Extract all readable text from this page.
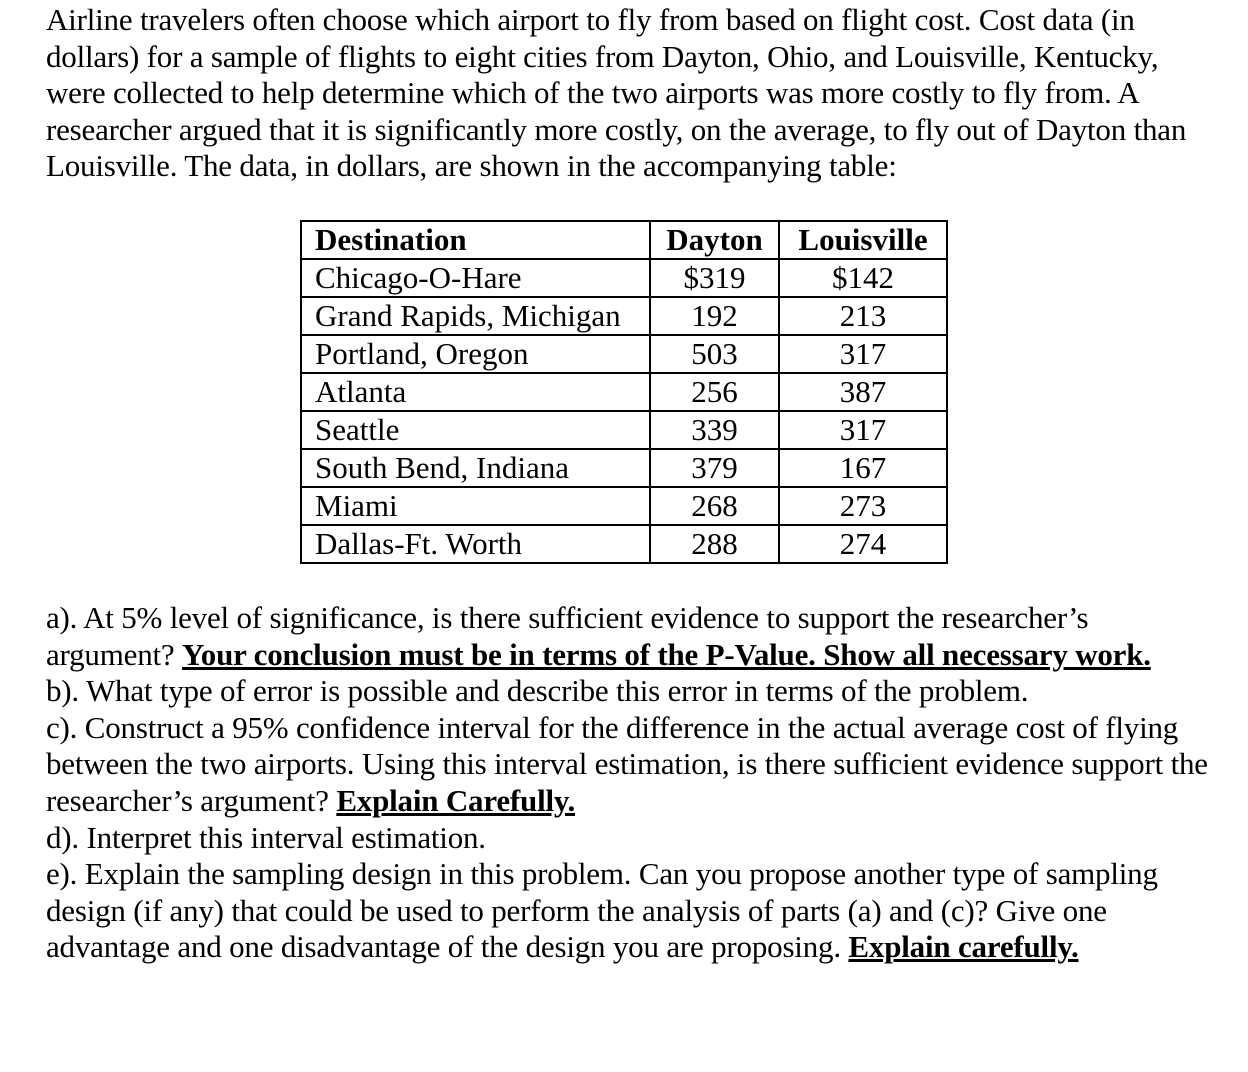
Airline travelers often choose which airport to fly from based on flight cost. Cost data (in dollars) for a sample of flights to eight cities from Dayton, Ohio, and Louisville, Kentucky, were collected to help determine which of the two airports was more costly to fly from. A researcher argued that it is significantly more costly, on the average, to fly out of Dayton than Louisville. The data, in dollars, are shown in the accompanying table:

Destination	Dayton	Louisville
Chicago-O-Hare	$319	$142
Grand Rapids, Michigan	192	213
Portland, Oregon	503	317
Atlanta	256	387
Seattle	339	317
South Bend, Indiana	379	167
Miami	268	273
Dallas-Ft. Worth	288	274

a). At 5% level of significance, is there sufficient evidence to support the researcher’s argument? Your conclusion must be in terms of the P-Value. Show all necessary work.

b). What type of error is possible and describe this error in terms of the problem.

c). Construct a 95% confidence interval for the difference in the actual average cost of flying between the two airports. Using this interval estimation, is there sufficient evidence support the researcher’s argument? Explain Carefully.

d). Interpret this interval estimation.

e). Explain the sampling design in this problem. Can you propose another type of sampling design (if any) that could be used to perform the analysis of parts (a) and (c)? Give one advantage and one disadvantage of the design you are proposing. Explain carefully.
